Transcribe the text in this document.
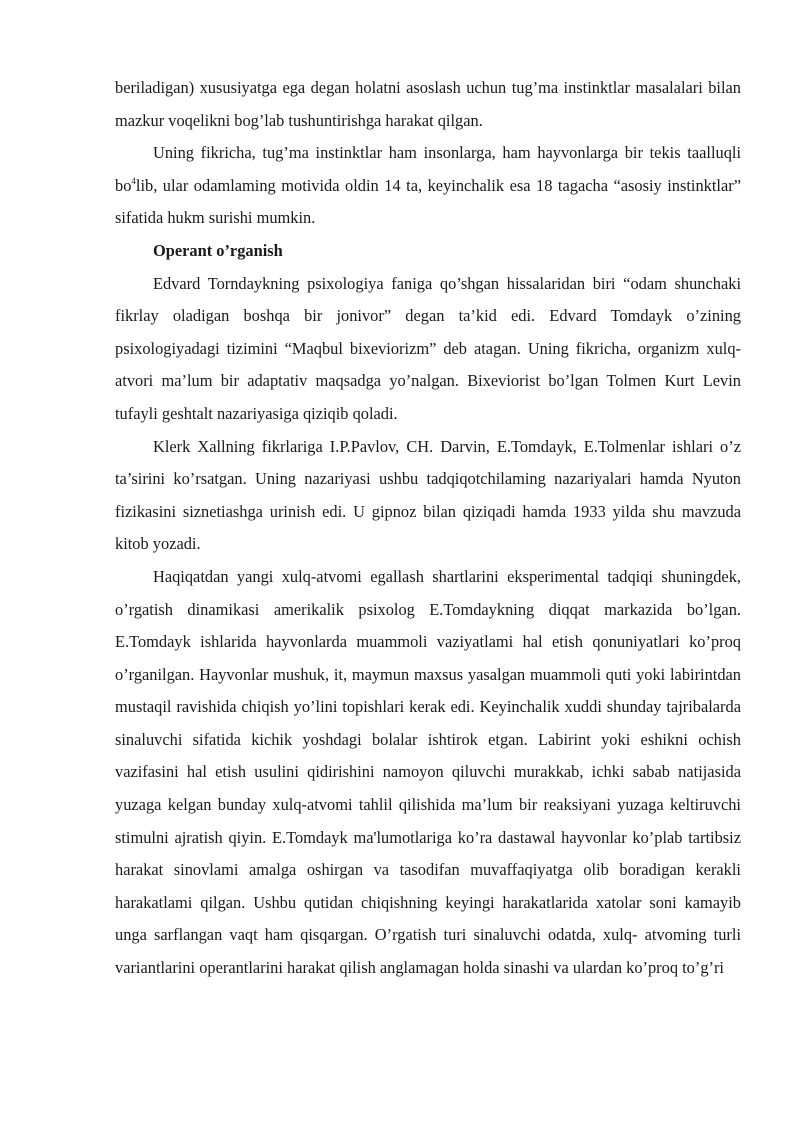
beriladigan) xususiyatga ega degan holatni asoslash uchun tug’ma instinktlar masalalari bilan mazkur voqelikni bog’lab tushuntirishga harakat qilgan.

Uning fikricha, tug’ma instinktlar ham insonlarga, ham hayvonlarga bir tekis taalluqli $bo^4lib$, ular odamlaming motivida oldin 14 ta, keyinchalik esa 18 tagacha “asosiy instinktlar” sifatida hukm surishi mumkin.

Operant o’rganish

Edvard Torndaykning psixologiya faniga qo’shgan hissalaridan biri “odam shunchaki fikrlay oladigan boshqa bir jonivor” degan ta’kid edi. Edvard Tomdayk o’zining psixologiyadagi tizimini “Maqbul bixeviorizm” deb atagan. Uning fikricha, organizm xulq-atvori ma’lum bir adaptativ maqsadga yo’nalgan. Bixeviorist bo’lgan Tolmen Kurt Levin tufayli geshtalt nazariyasiga qiziqib qoladi.

Klerk Xallning fikrlariga I.P.Pavlov, CH. Darvin, E.Tomdayk, E.Tolmenlar ishlari o’z ta’sirini ko’rsatgan. Uning nazariyasi ushbu tadqiqotchilaming nazariyalari hamda Nyuton fizikasini siznetiashga urinish edi. U gipnoz bilan qiziqadi hamda 1933 yilda shu mavzuda kitob yozadi.

Haqiqatdan yangi xulq-atvomi egallash shartlarini eksperimental tadqiqi shuningdek, o’rgatish dinamikasi amerikalik psixolog E.Tomdaykning diqqat markazida bo’lgan. E.Tomdayk ishlarida hayvonlarda muammoli vaziyatlami hal etish qonuniyatlari ko’proq o’rganilgan. Hayvonlar mushuk, it, maymun maxsus yasalgan muammoli quti yoki labirintdan mustaqil ravishida chiqish yo’lini topishlari kerak edi. Keyinchalik xuddi shunday tajribalarda sinaluvchi sifatida kichik yoshdagi bolalar ishtirok etgan. Labirint yoki eshikni ochish vazifasini hal etish usulini qidirishini namoyon qiluvchi murakkab, ichki sabab natijasida yuzaga kelgan bunday xulq-atvomi tahlil qilishida ma’lum bir reaksiyani yuzaga keltiruvchi stimulni ajratish qiyin. E.Tomdayk ma'lumotlariga ko’ra dastawal hayvonlar ko’plab tartibsiz harakat sinovlami amalga oshirgan va tasodifan muvaffaqiyatga olib boradigan kerakli harakatlami qilgan. Ushbu qutidan chiqishning keyingi harakatlarida xatolar soni kamayib unga sarflangan vaqt ham qisqargan. O’rgatish turi sinaluvchi odatda, xulq- atvoming turli variantlarini operantlarini harakat qilish anglamagan holda sinashi va ulardan ko’proq to’g’ri
